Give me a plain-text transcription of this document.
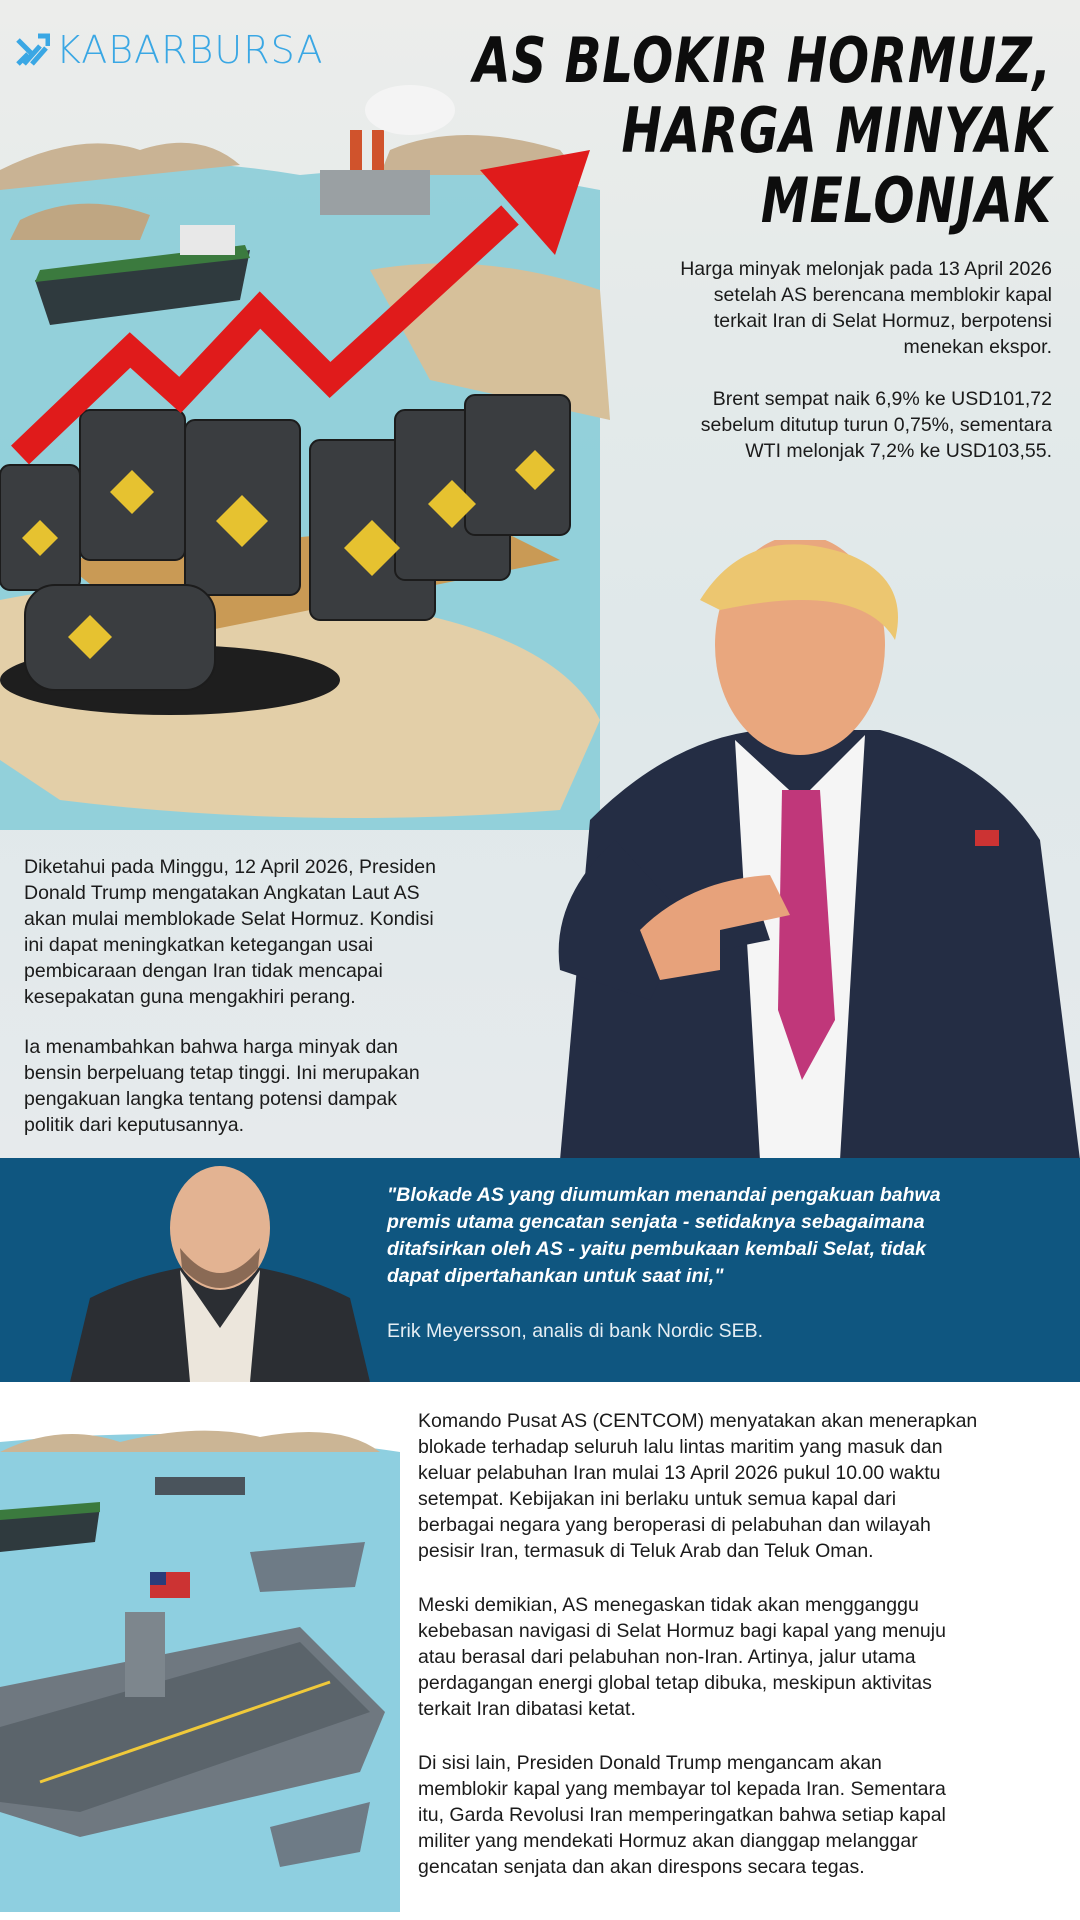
KABARBURSA AS BLOKIR HORMUZ,
HARGA MINYAK
MELONJAK

Harga minyak melonjak pada 13 April 2026
setelah AS berencana memblokir kapal
terkait Iran di Selat Hormuz, berpotensi
menekan ekspor.

Brent sempat naik 6,9% ke USD101,72
sebelum ditutup turun 0,75%, sementara
WTI melonjak 7,2% ke USD103,55.

Diketahui pada Minggu, 12 April 2026, Presiden
Donald Trump mengatakan Angkatan Laut AS
akan mulai memblokade Selat Hormuz. Kondisi
ini dapat meningkatkan ketegangan usai
pembicaraan dengan Iran tidak mencapai
kesepakatan guna mengakhiri perang.

Ia menambahkan bahwa harga minyak dan
bensin berpeluang tetap tinggi. Ini merupakan
pengakuan langka tentang potensi dampak
politik dari keputusannya.

"Blokade AS yang diumumkan menandai pengakuan bahwa
premis utama gencatan senjata - setidaknya sebagaimana
ditafsirkan oleh AS - yaitu pembukaan kembali Selat, tidak
dapat dipertahankan untuk saat ini,"

Erik Meyersson, analis di bank Nordic SEB.

Komando Pusat AS (CENTCOM) menyatakan akan menerapkan
blokade terhadap seluruh lalu lintas maritim yang masuk dan
keluar pelabuhan Iran mulai 13 April 2026 pukul 10.00 waktu
setempat. Kebijakan ini berlaku untuk semua kapal dari
berbagai negara yang beroperasi di pelabuhan dan wilayah
pesisir Iran, termasuk di Teluk Arab dan Teluk Oman.

Meski demikian, AS menegaskan tidak akan mengganggu
kebebasan navigasi di Selat Hormuz bagi kapal yang menuju
atau berasal dari pelabuhan non-Iran. Artinya, jalur utama
perdagangan energi global tetap dibuka, meskipun aktivitas
terkait Iran dibatasi ketat.

Di sisi lain, Presiden Donald Trump mengancam akan
memblokir kapal yang membayar tol kepada Iran. Sementara
itu, Garda Revolusi Iran memperingatkan bahwa setiap kapal
militer yang mendekati Hormuz akan dianggap melanggar
gencatan senjata dan akan direspons secara tegas.
